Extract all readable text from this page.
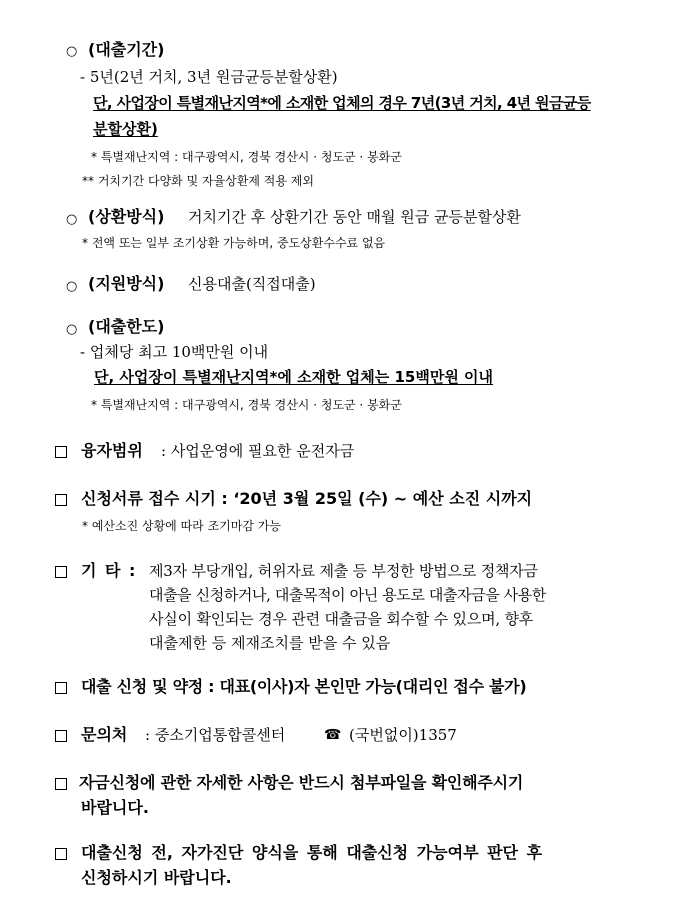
○ (대출기간)
- 5년(2년 거치, 3년 원금균등분할상환)
단, 사업장이 특별재난지역*에 소재한 업체의 경우 7년(3년 거치, 4년 원금균등
분할상환)
* 특별재난지역 : 대구광역시, 경북 경산시 · 청도군 · 봉화군
** 거치기간 다양화 및 자율상환제 적용 제외
○ (상환방식) 거치기간 후 상환기간 동안 매월 원금 균등분할상환
* 전액 또는 일부 조기상환 가능하며, 중도상환수수료 없음
○ (지원방식) 신용대출(직접대출)
○ (대출한도)
- 업체당 최고 10백만원 이내
단, 사업장이 특별재난지역*에 소재한 업체는 15백만원 이내
* 특별재난지역 : 대구광역시, 경북 경산시 · 청도군 · 봉화군
융자범위 : 사업운영에 필요한 운전자금
신청서류 접수 시기 : ‘20년 3월 25일 (수) ~ 예산 소진 시까지
* 예산소진 상황에 따라 조기마감 가능
기 타 : 제3자 부당개입, 허위자료 제출 등 부정한 방법으로 정책자금
대출을 신청하거나, 대출목적이 아닌 용도로 대출자금을 사용한
사실이 확인되는 경우 관련 대출금을 회수할 수 있으며, 향후
대출제한 등 제재조치를 받을 수 있음
대출 신청 및 약정 : 대표(이사)자 본인만 가능(대리인 접수 불가)
문의처 : 중소기업통합콜센터	☎ (국번없이)1357
자금신청에 관한 자세한 사항은 반드시 첨부파일을 확인해주시기
바랍니다.
대출신청 전, 자가진단 양식을 통해 대출신청 가능여부 판단 후
신청하시기 바랍니다.
